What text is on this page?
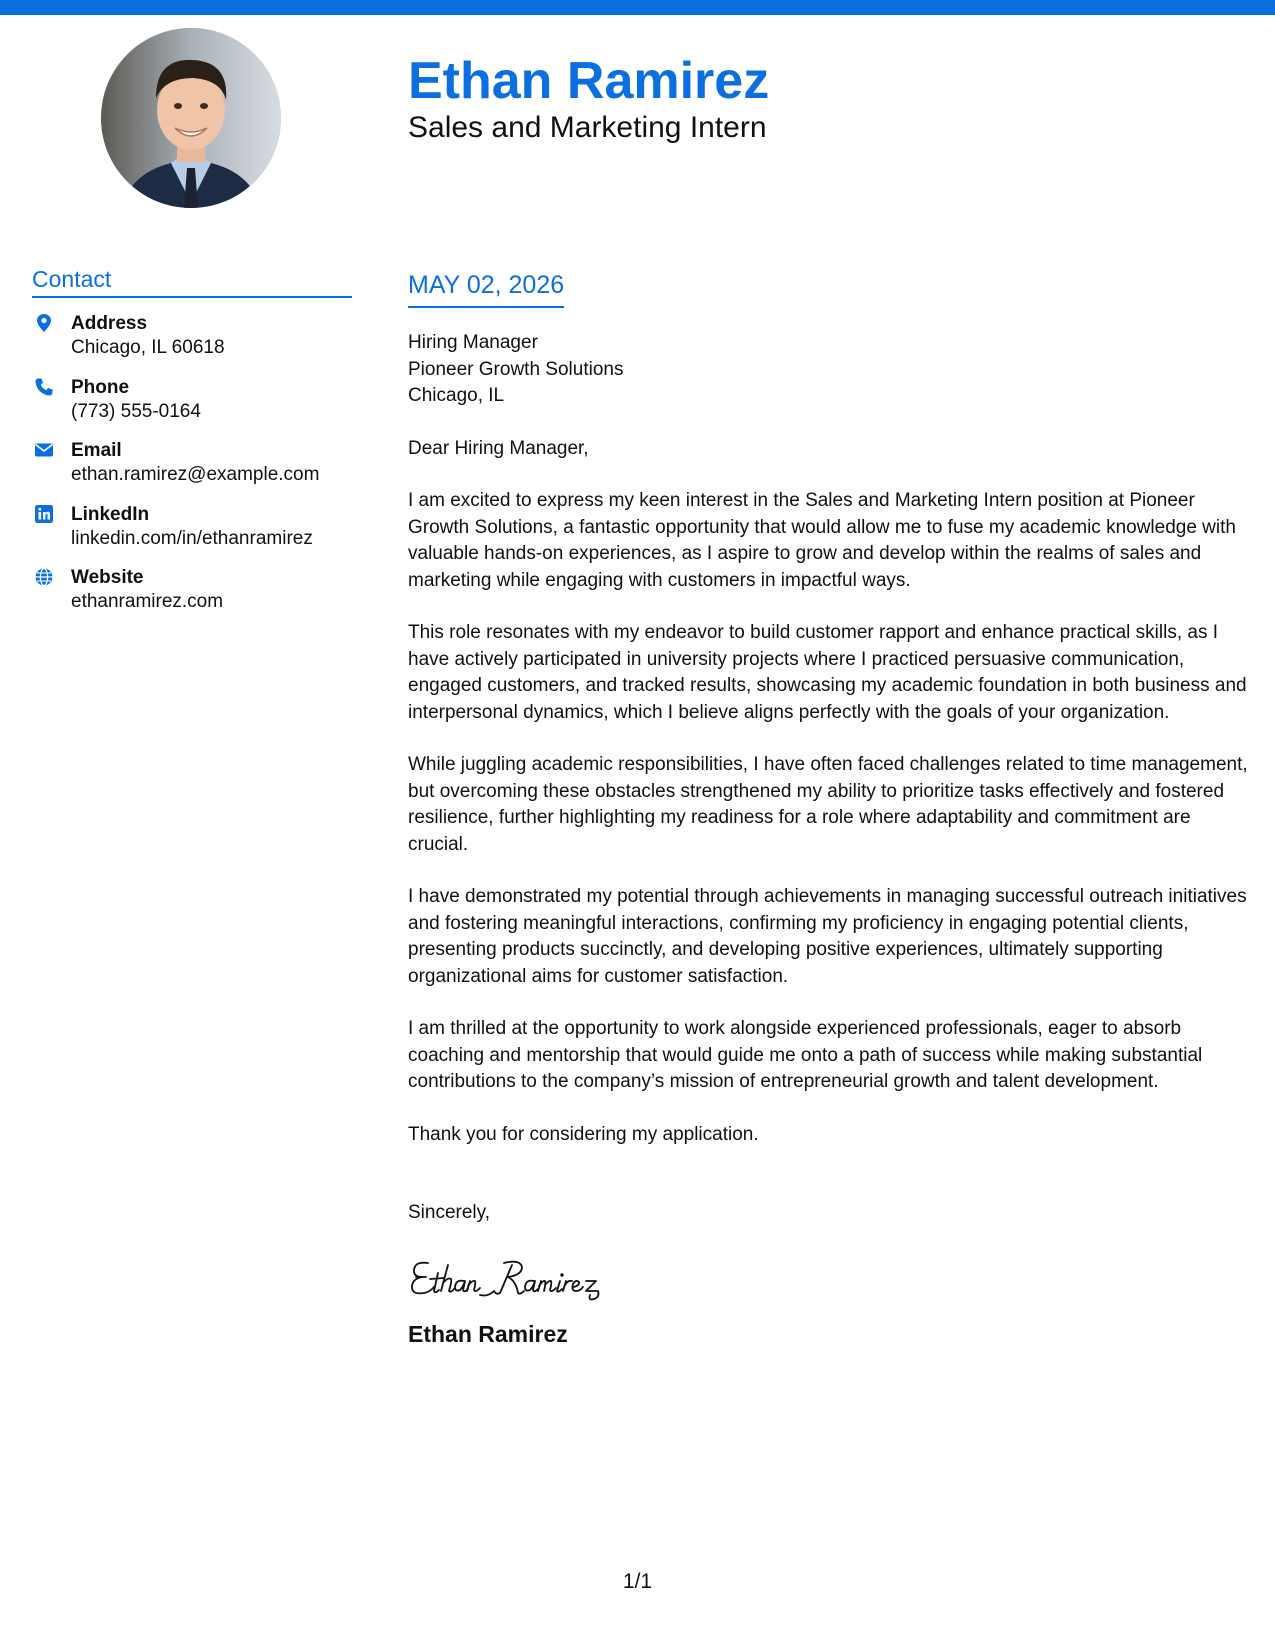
Ethan Ramirez
Sales and Marketing Intern
Contact
Address
Chicago, IL 60618
Phone
(773) 555-0164
Email
ethan.ramirez@example.com
LinkedIn
linkedin.com/in/ethanramirez
Website
ethanramirez.com
MAY 02, 2026
Hiring Manager
Pioneer Growth Solutions
Chicago, IL
Dear Hiring Manager,

I am excited to express my keen interest in the Sales and Marketing Intern position at Pioneer Growth Solutions, a fantastic opportunity that would allow me to fuse my academic knowledge with valuable hands-on experiences, as I aspire to grow and develop within the realms of sales and marketing while engaging with customers in impactful ways.

This role resonates with my endeavor to build customer rapport and enhance practical skills, as I have actively participated in university projects where I practiced persuasive communication, engaged customers, and tracked results, showcasing my academic foundation in both business and interpersonal dynamics, which I believe aligns perfectly with the goals of your organization.

While juggling academic responsibilities, I have often faced challenges related to time management, but overcoming these obstacles strengthened my ability to prioritize tasks effectively and fostered resilience, further highlighting my readiness for a role where adaptability and commitment are crucial.

I have demonstrated my potential through achievements in managing successful outreach initiatives and fostering meaningful interactions, confirming my proficiency in engaging potential clients, presenting products succinctly, and developing positive experiences, ultimately supporting organizational aims for customer satisfaction.

I am thrilled at the opportunity to work alongside experienced professionals, eager to absorb coaching and mentorship that would guide me onto a path of success while making substantial contributions to the company’s mission of entrepreneurial growth and talent development.

Thank you for considering my application.

Sincerely,
Ethan Ramirez
1/1
